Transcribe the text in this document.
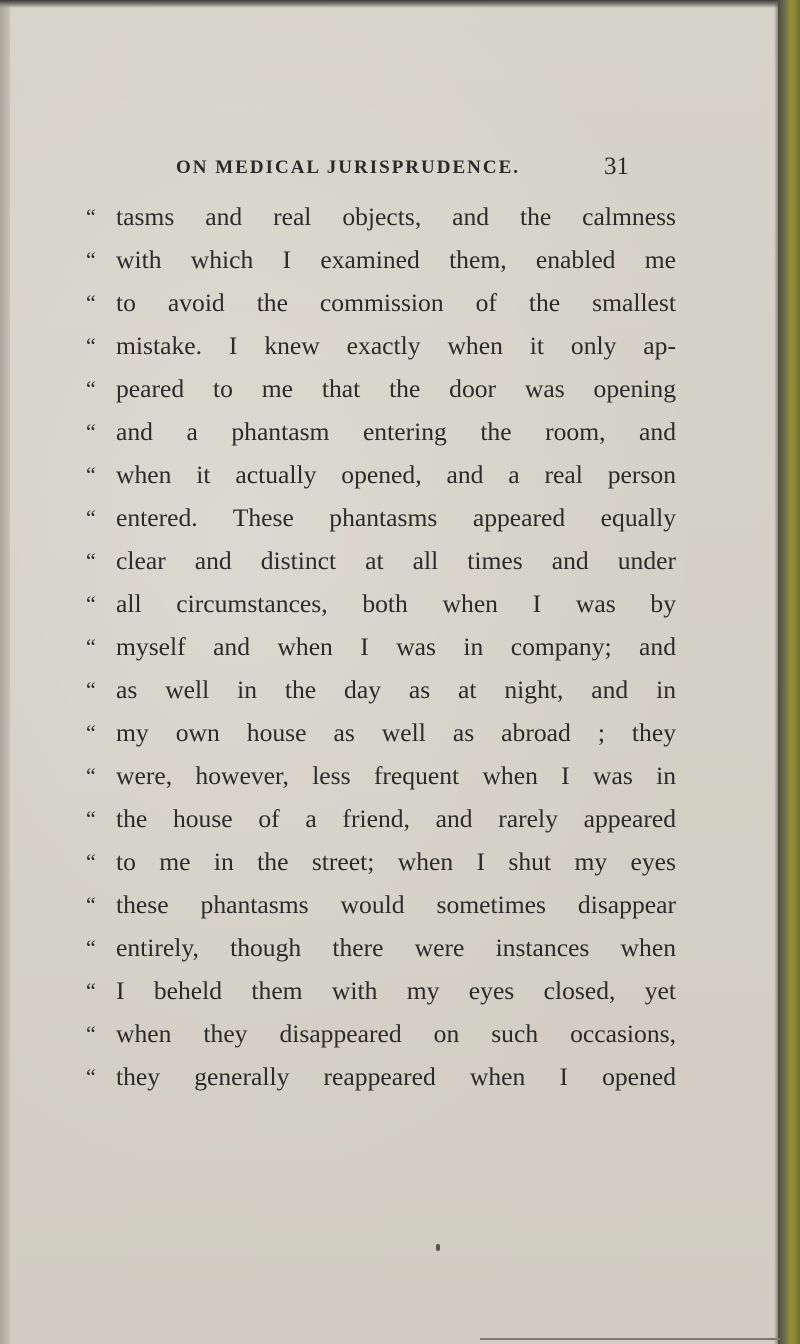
ON MEDICAL JURISPRUDENCE.	31
“ tasms and real objects, and the calmness
“ with which I examined them, enabled me
“ to avoid the commission of the smallest
“ mistake. I knew exactly when it only ap-
“ peared to me that the door was opening
“ and a phantasm entering the room, and
“ when it actually opened, and a real person
“ entered. These phantasms appeared equally
“ clear and distinct at all times and under
“ all circumstances, both when I was by
“ myself and when I was in company; and
“ as well in the day as at night, and in
“ my own house as well as abroad ; they
“ were, however, less frequent when I was in
“ the house of a friend, and rarely appeared
“ to me in the street; when I shut my eyes
“ these phantasms would sometimes disappear
“ entirely, though there were instances when
“ I beheld them with my eyes closed, yet
“ when they disappeared on such occasions,
“ they generally reappeared when I opened
